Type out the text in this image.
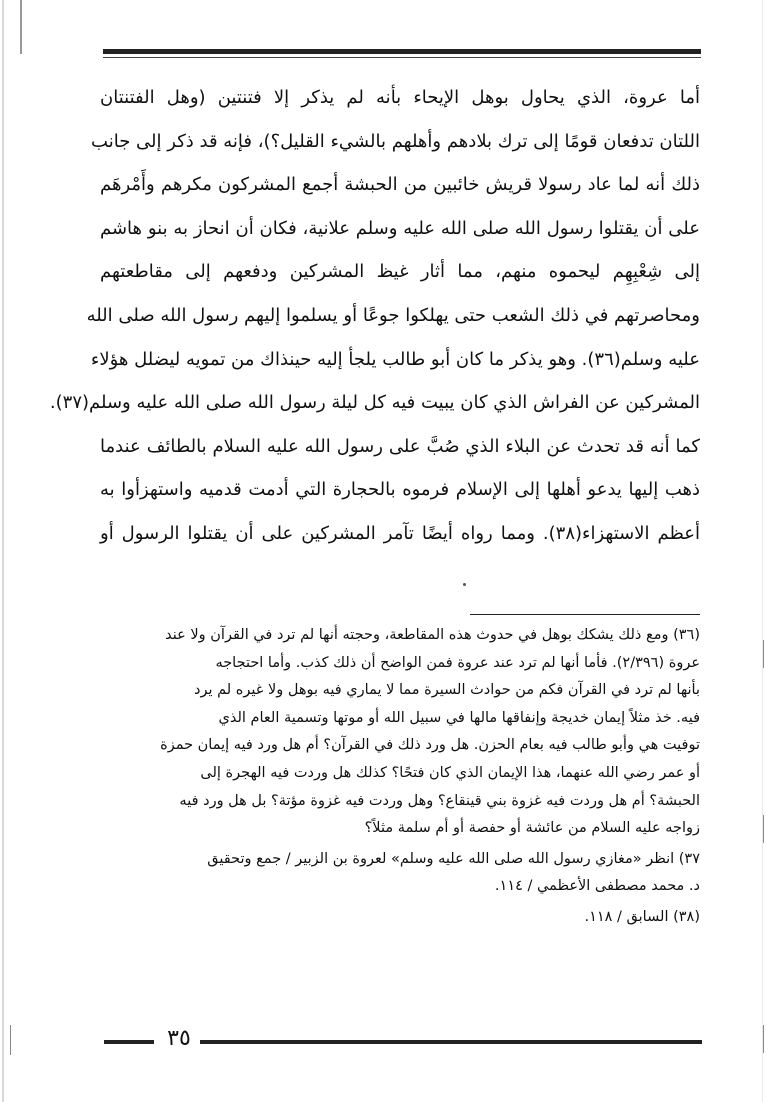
أما عروة، الذي يحاول بوهل الإيحاء بأنه لم يذكر إلا فتنتين (وهل الفتنتان
اللتان تدفعان قومًا إلى ترك بلادهم وأهلهم بالشيء القليل؟)، فإنه قد ذكر إلى جانب
ذلك أنه لما عاد رسولا قريش خائبين من الحبشة أجمع المشركون مكرهم وأَمْرهَم
على أن يقتلوا رسول الله صلى الله عليه وسلم علانية، فكان أن انحاز به بنو هاشم
إلى شِعْبِهِم ليحموه منهم، مما أثار غيظ المشركين ودفعهم إلى مقاطعتهم
ومحاصرتهم في ذلك الشعب حتى يهلكوا جوعًا أو يسلموا إليهم رسول الله صلى الله
عليه وسلم(٣٦). وهو يذكر ما كان أبو طالب يلجأ إليه حينذاك من تمويه ليضلل هؤلاء
المشركين عن الفراش الذي كان يبيت فيه كل ليلة رسول الله صلى الله عليه وسلم(٣٧).
كما أنه قد تحدث عن البلاء الذي صُبَّ على رسول الله عليه السلام بالطائف عندما
ذهب إليها يدعو أهلها إلى الإسلام فرموه بالحجارة التي أدمت قدميه واستهزأوا به
أعظم الاستهزاء(٣٨). ومما رواه أيضًا تآمر المشركين على أن يقتلوا الرسول أو
(٣٦) ومع ذلك يشكك بوهل في حدوث هذه المقاطعة، وحجته أنها لم ترد في القرآن ولا عند
عروة (٢/٣٩٦). فأما أنها لم ترد عند عروة فمن الواضح أن ذلك كذب. وأما احتجاجه
بأنها لم ترد في القرآن فكم من حوادث السيرة مما لا يماري فيه بوهل ولا غيره لم يرد
فيه. خذ مثلاً إيمان خديجة وإنفاقها مالها في سبيل الله أو موتها وتسمية العام الذي
توفيت هي وأبو طالب فيه بعام الحزن. هل ورد ذلك في القرآن؟ أم هل ورد فيه إيمان حمزة
أو عمر رضي الله عنهما، هذا الإيمان الذي كان فتحًا؟ كذلك هل وردت فيه الهجرة إلى
الحبشة؟ أم هل وردت فيه غزوة بني قينقاع؟ وهل وردت فيه غزوة مؤتة؟ بل هل ورد فيه
زواجه عليه السلام من عائشة أو حفصة أو أم سلمة مثلاً؟
٣٧) انظر «مغازي رسول الله صلى الله عليه وسلم» لعروة بن الزبير / جمع وتحقيق
د. محمد مصطفى الأعظمي / ١١٤.
(٣٨) السابق / ١١٨.
٣٥
